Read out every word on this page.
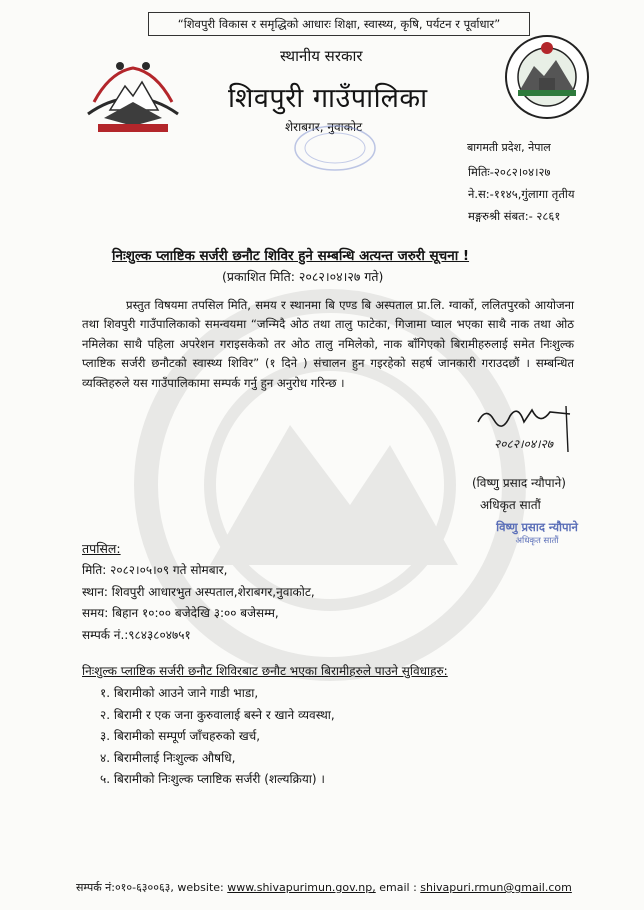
“शिवपुरी विकास र समृद्धिको आधारः शिक्षा, स्वास्थ्य, कृषि, पर्यटन र पूर्वाधार”
स्थानीय सरकार
शिवपुरी गाउँपालिका
शेराबगर, नुवाकोट
बागमती प्रदेश, नेपाल
मितिः-२०८२।०४।२७
ने.स:-११४५,गुंलागा तृतीय
मङ्गरुश्री संबत:- २८६१
निःशुल्क प्लाष्टिक सर्जरी छनौट शिविर हुने सम्बन्धि अत्यन्त जरुरी सूचना !
(प्रकाशित मिति: २०८२।०४।२७ गते)

प्रस्तुत विषयमा तपसिल मिति, समय र स्थानमा बि एण्ड बि अस्पताल प्रा.लि. ग्वार्को, ललितपुरको आयोजना तथा शिवपुरी गाउँपालिकाको समन्वयमा “जन्मिदै ओठ तथा तालु फाटेका, गिजामा प्वाल भएका साथै नाक तथा ओठ नमिलेका साथै पहिला अपरेशन गराइसकेको तर ओठ तालु नमिलेको, नाक बाँगिएको बिरामीहरुलाई समेत निःशुल्क प्लाष्टिक सर्जरी छनौटको स्वास्थ्य शिविर” (१ दिने ) संचालन हुन गइरहेको सहर्ष जानकारी गराउदछौं । सम्बन्धित व्यक्तिहरुले यस गाउँपालिकामा सम्पर्क गर्नु हुन अनुरोध गरिन्छ ।

२०८२।०४।२७
(विष्णु प्रसाद न्यौपाने)
अधिकृत सातौं
विष्णु प्रसाद न्यौपाने
अधिकृत सातौं
तपसिल:
मिति: २०८२।०५।०९ गते सोमबार,
स्थान: शिवपुरी आधारभुत अस्पताल,शेराबगर,नुवाकोट,
समय: बिहान १०:०० बजेदेखि ३:०० बजेसम्म,
सम्पर्क नं.:९८४३८०४७५१
निःशुल्क प्लाष्टिक सर्जरी छनौट शिविरबाट छनौट भएका बिरामीहरुले पाउने सुविधाहरु:
१. बिरामीको आउने जाने गाडी भाडा,
२. बिरामी र एक जना कुरुवालाई बस्ने र खाने व्यवस्था,
३. बिरामीको सम्पूर्ण जाँचहरुको खर्च,
४. बिरामीलाई निःशुल्क औषधि,
५. बिरामीको निःशुल्क प्लाष्टिक सर्जरी (शल्यक्रिया) ।
सम्पर्क नं:०१०-६३००६३, website: www.shivapurimun.gov.np, email : shivapuri.rmun@gmail.com
